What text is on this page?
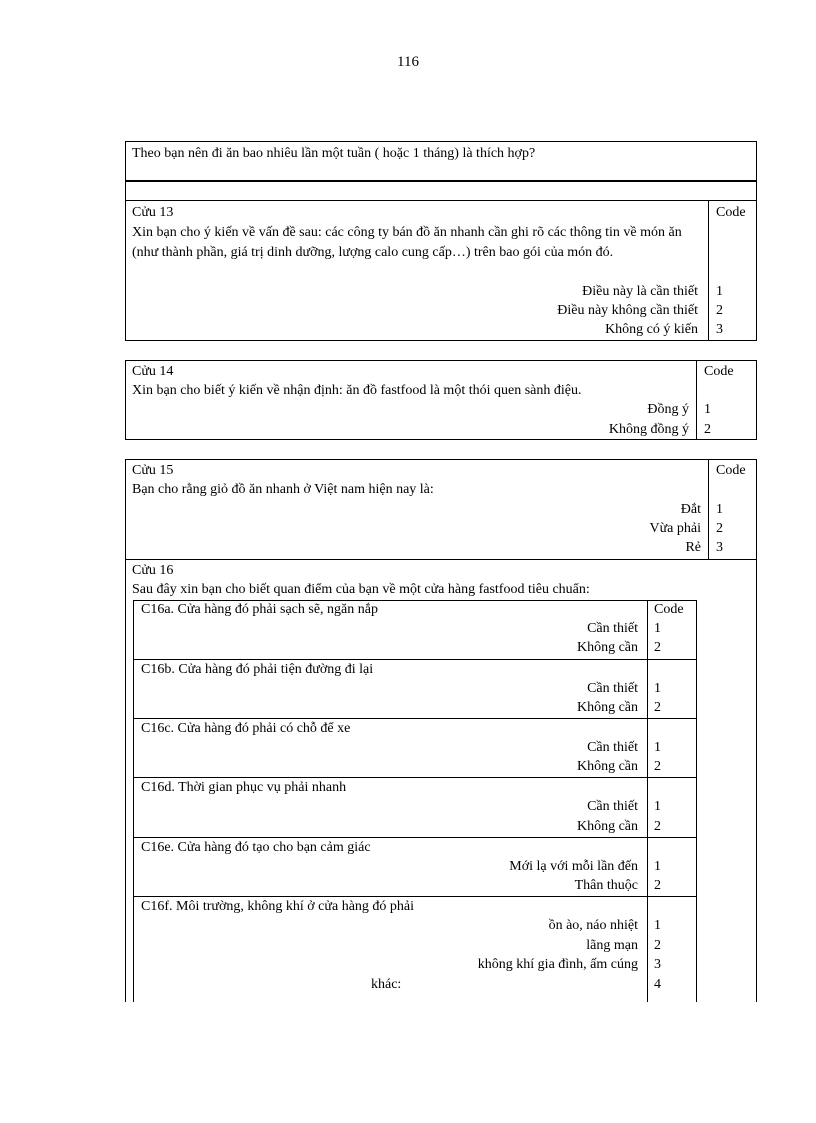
116
Theo bạn nên đi ăn bao nhiêu lần một tuần ( hoặc 1 tháng) là thích hợp?
Cửu 13	Code
Xin bạn cho ý kiến về vấn đề sau: các công ty bán đồ ăn nhanh cần ghi rõ các thông tin về món ăn (như thành phần, giá trị dinh dưỡng, lượng calo cung cấp…) trên bao gói của món đó.
Điều này là cần thiết 1
Điều này không cần thiết 2
Không có ý kiến 3
Cửu 14	Code
Xin bạn cho biết ý kiến về nhận định: ăn đồ fastfood là một thói quen sành điệu.
Đồng ý 1
Không đồng ý 2
Cửu 15	Code
Bạn cho rằng giỏ đồ ăn nhanh ở Việt nam hiện nay là:
Đắt 1
Vừa phải 2
Rẻ 3
Cửu 16
Sau đây xin bạn cho biết quan điểm của bạn về một cửa hàng fastfood tiêu chuẩn:
Code
C16a. Cửa hàng đó phải sạch sẽ, ngăn nắp
Cần thiết 1
Không cần 2
C16b. Cửa hàng đó phải tiện đường đi lại
Cần thiết 1
Không cần 2
C16c. Cửa hàng đó phải có chỗ để xe
Cần thiết 1
Không cần 2
C16d. Thời gian phục vụ phải nhanh
Cần thiết 1
Không cần 2
C16e. Cửa hàng đó tạo cho bạn cảm giác
Mới lạ với mỗi lần đến 1
Thân thuộc 2
C16f. Môi trường, không khí ở cửa hàng đó phải
ồn ào, náo nhiệt 1
lãng mạn 2
không khí gia đình, ấm cúng 3
khác:	4
